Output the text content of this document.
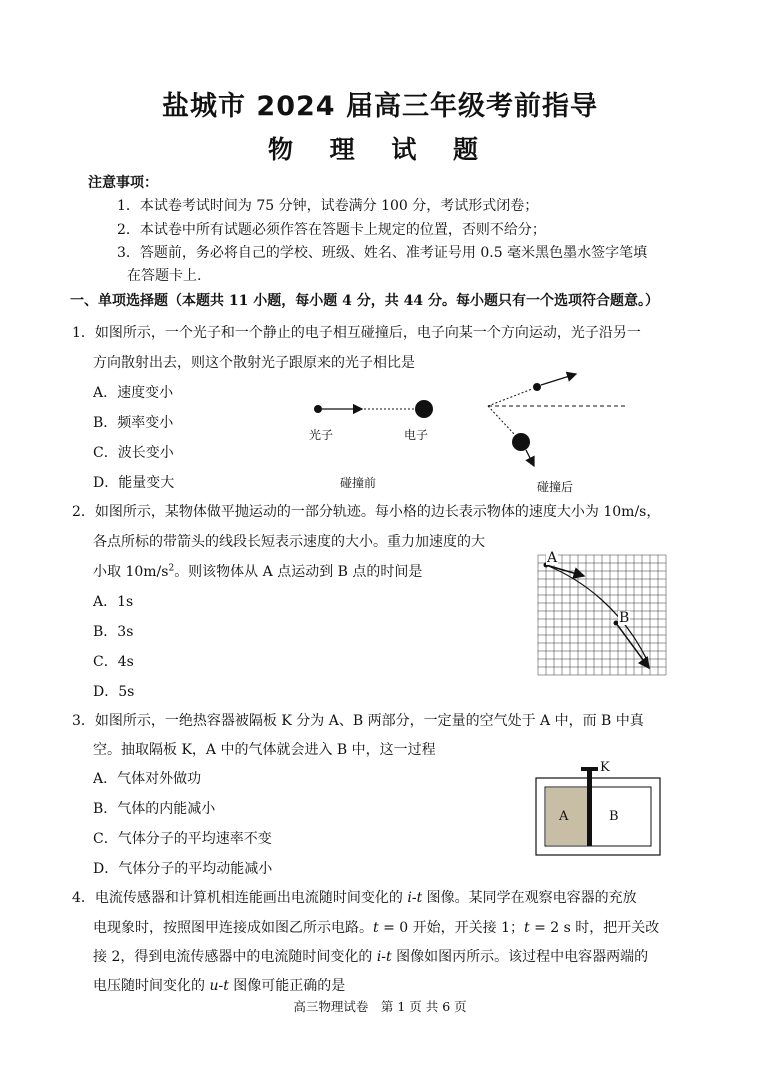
盐城市 2024 届高三年级考前指导
物 理 试 题
注意事项：
1．本试卷考试时间为 75 分钟，试卷满分 100 分，考试形式闭卷；
2．本试卷中所有试题必须作答在答题卡上规定的位置，否则不给分；
3．答题前，务必将自己的学校、班级、姓名、准考证号用 0.5 毫米黑色墨水签字笔填
在答题卡上.
一、单项选择题（本题共 11 小题，每小题 4 分，共 44 分。每小题只有一个选项符合题意。）
1．如图所示，一个光子和一个静止的电子相互碰撞后，电子向某一个方向运动，光子沿另一
方向散射出去，则这个散射光子跟原来的光子相比是
A．速度变小
B．频率变小
C．波长变小
D．能量变大
光子	电子
碰撞前	碰撞后
2．如图所示，某物体做平抛运动的一部分轨迹。每小格的边长表示物体的速度大小为 10m/s，
各点所标的带箭头的线段长短表示速度的大小。重力加速度的大
小取 $10m/s^2$。则该物体从 A 点运动到 B 点的时间是
A．1s
B．3s
C．4s
D．5s
A
B
3．如图所示，一绝热容器被隔板 K 分为 A、B 两部分，一定量的空气处于 A 中，而 B 中真
空。抽取隔板 K，A 中的气体就会进入 B 中，这一过程
A．气体对外做功
B．气体的内能减小
C．气体分子的平均速率不变
D．气体分子的平均动能减小
K
A	B
4．电流传感器和计算机相连能画出电流随时间变化的 i-t 图像。某同学在观察电容器的充放
电现象时，按照图甲连接成如图乙所示电路。t = 0 开始，开关接 1；t = 2 s 时，把开关改
接 2，得到电流传感器中的电流随时间变化的 i-t 图像如图丙所示。该过程中电容器两端的
电压随时间变化的 u-t 图像可能正确的是
高三物理试卷　第 1 页 共 6 页
